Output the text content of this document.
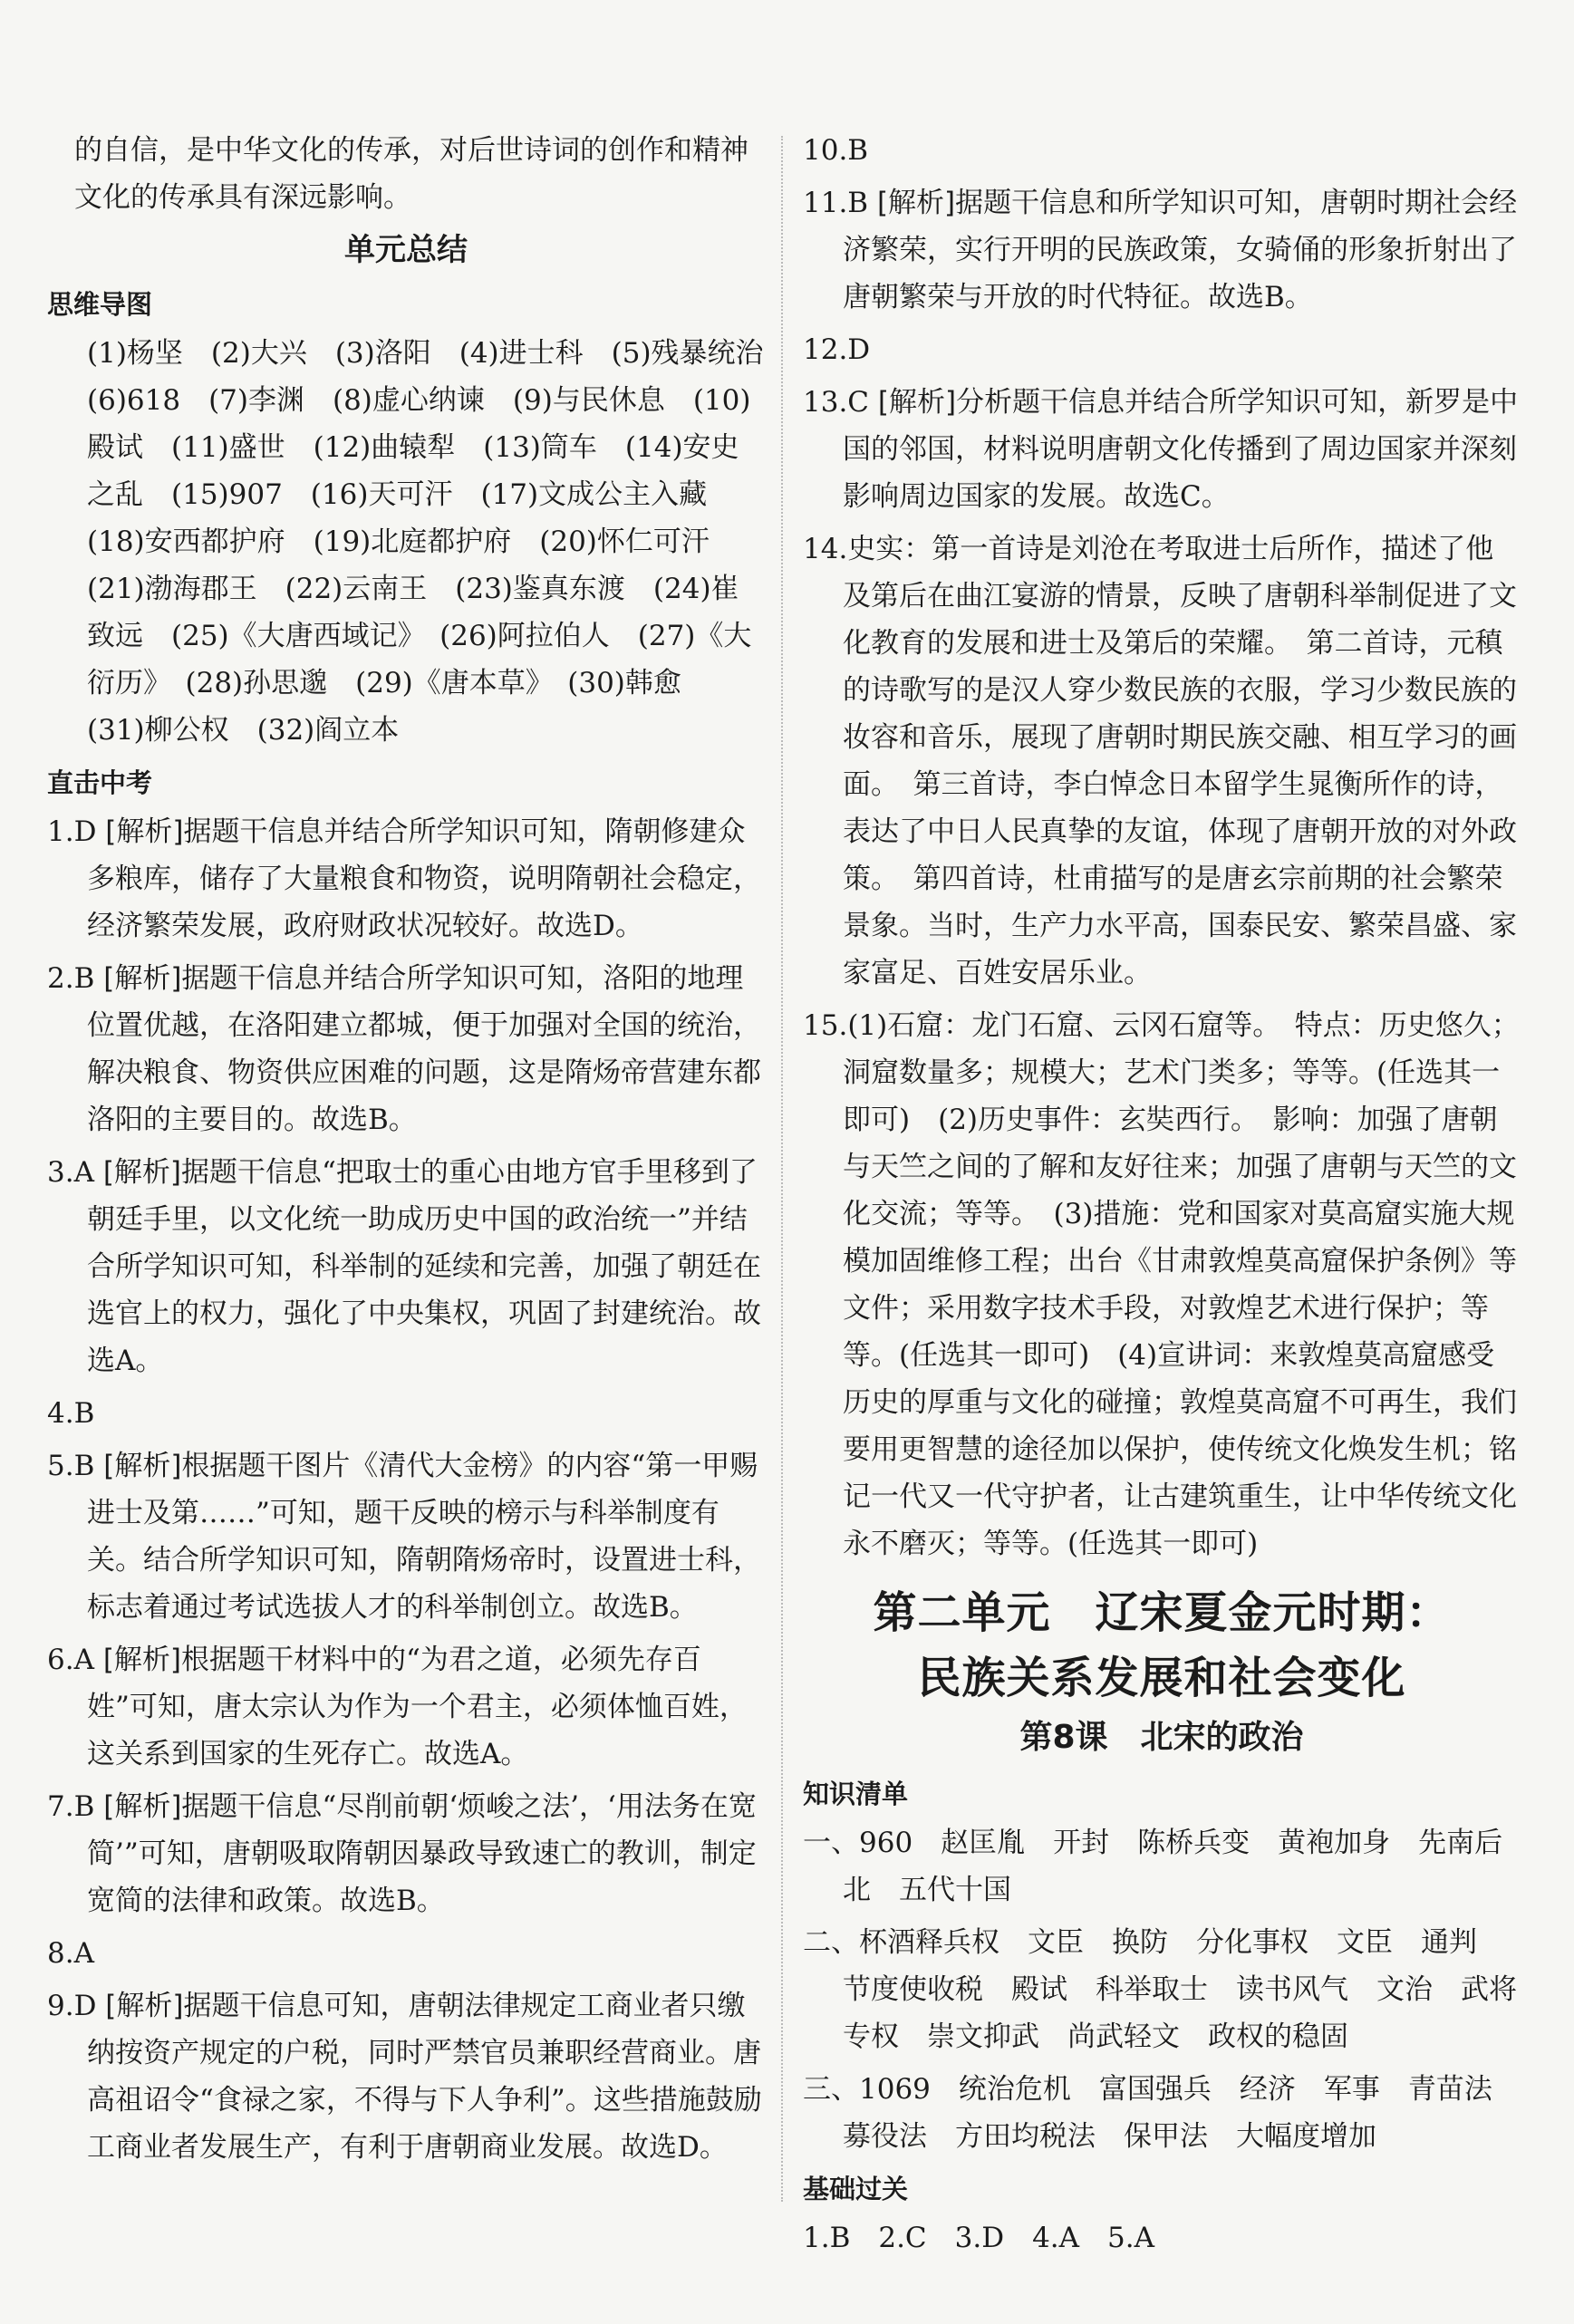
的自信，是中华文化的传承，对后世诗词的创作和精神文化的传承具有深远影响。

单元总结
思维导图

(1)杨坚　(2)大兴　(3)洛阳　(4)进士科　(5)残暴统治　(6)618　(7)李渊　(8)虚心纳谏　(9)与民休息　(10)殿试　(11)盛世　(12)曲辕犁　(13)筒车　(14)安史之乱　(15)907　(16)天可汗　(17)文成公主入藏　(18)安西都护府　(19)北庭都护府　(20)怀仁可汗　(21)渤海郡王　(22)云南王　(23)鉴真东渡　(24)崔致远　(25)《大唐西域记》　(26)阿拉伯人　(27)《大衍历》　(28)孙思邈　(29)《唐本草》　(30)韩愈　(31)柳公权　(32)阎立本

直击中考
1.D [解析]据题干信息并结合所学知识可知，隋朝修建众多粮库，储存了大量粮食和物资，说明隋朝社会稳定，经济繁荣发展，政府财政状况较好。故选D。
2.B [解析]据题干信息并结合所学知识可知，洛阳的地理位置优越，在洛阳建立都城，便于加强对全国的统治，解决粮食、物资供应困难的问题，这是隋炀帝营建东都洛阳的主要目的。故选B。
3.A [解析]据题干信息“把取士的重心由地方官手里移到了朝廷手里，以文化统一助成历史中国的政治统一”并结合所学知识可知，科举制的延续和完善，加强了朝廷在选官上的权力，强化了中央集权，巩固了封建统治。故选A。
4.B
5.B [解析]根据题干图片《清代大金榜》的内容“第一甲赐进士及第……”可知，题干反映的榜示与科举制度有关。结合所学知识可知，隋朝隋炀帝时，设置进士科，标志着通过考试选拔人才的科举制创立。故选B。
6.A [解析]根据题干材料中的“为君之道，必须先存百姓”可知，唐太宗认为作为一个君主，必须体恤百姓，这关系到国家的生死存亡。故选A。
7.B [解析]据题干信息“尽削前朝‘烦峻之法’，‘用法务在宽简’”可知，唐朝吸取隋朝因暴政导致速亡的教训，制定宽简的法律和政策。故选B。
8.A
9.D [解析]据题干信息可知，唐朝法律规定工商业者只缴纳按资产规定的户税，同时严禁官员兼职经营商业。唐高祖诏令“食禄之家，不得与下人争利”。这些措施鼓励工商业者发展生产，有利于唐朝商业发展。故选D。
10.B
11.B [解析]据题干信息和所学知识可知，唐朝时期社会经济繁荣，实行开明的民族政策，女骑俑的形象折射出了唐朝繁荣与开放的时代特征。故选B。
12.D
13.C [解析]分析题干信息并结合所学知识可知，新罗是中国的邻国，材料说明唐朝文化传播到了周边国家并深刻影响周边国家的发展。故选C。
14.史实：第一首诗是刘沧在考取进士后所作，描述了他及第后在曲江宴游的情景，反映了唐朝科举制促进了文化教育的发展和进士及第后的荣耀。　第二首诗，元稹的诗歌写的是汉人穿少数民族的衣服，学习少数民族的妆容和音乐，展现了唐朝时期民族交融、相互学习的画面。　第三首诗，李白悼念日本留学生晁衡所作的诗，表达了中日人民真挚的友谊，体现了唐朝开放的对外政策。　第四首诗，杜甫描写的是唐玄宗前期的社会繁荣景象。当时，生产力水平高，国泰民安、繁荣昌盛、家家富足、百姓安居乐业。
15.(1)石窟：龙门石窟、云冈石窟等。　特点：历史悠久；洞窟数量多；规模大；艺术门类多；等等。(任选其一即可)　(2)历史事件：玄奘西行。　影响：加强了唐朝与天竺之间的了解和友好往来；加强了唐朝与天竺的文化交流；等等。　(3)措施：党和国家对莫高窟实施大规模加固维修工程；出台《甘肃敦煌莫高窟保护条例》等文件；采用数字技术手段，对敦煌艺术进行保护；等等。(任选其一即可)　(4)宣讲词：来敦煌莫高窟感受历史的厚重与文化的碰撞；敦煌莫高窟不可再生，我们要用更智慧的途径加以保护，使传统文化焕发生机；铭记一代又一代守护者，让古建筑重生，让中华传统文化永不磨灭；等等。(任选其一即可)
第二单元　辽宋夏金元时期：
民族关系发展和社会变化
第8课　北宋的政治
知识清单
一、960　赵匡胤　开封　陈桥兵变　黄袍加身　先南后北　五代十国
二、杯酒释兵权　文臣　换防　分化事权　文臣　通判　节度使收税　殿试　科举取士　读书风气　文治　武将专权　崇文抑武　尚武轻文　政权的稳固
三、1069　统治危机　富国强兵　经济　军事　青苗法　募役法　方田均税法　保甲法　大幅度增加
基础过关

1.B　2.C　3.D　4.A　5.A
